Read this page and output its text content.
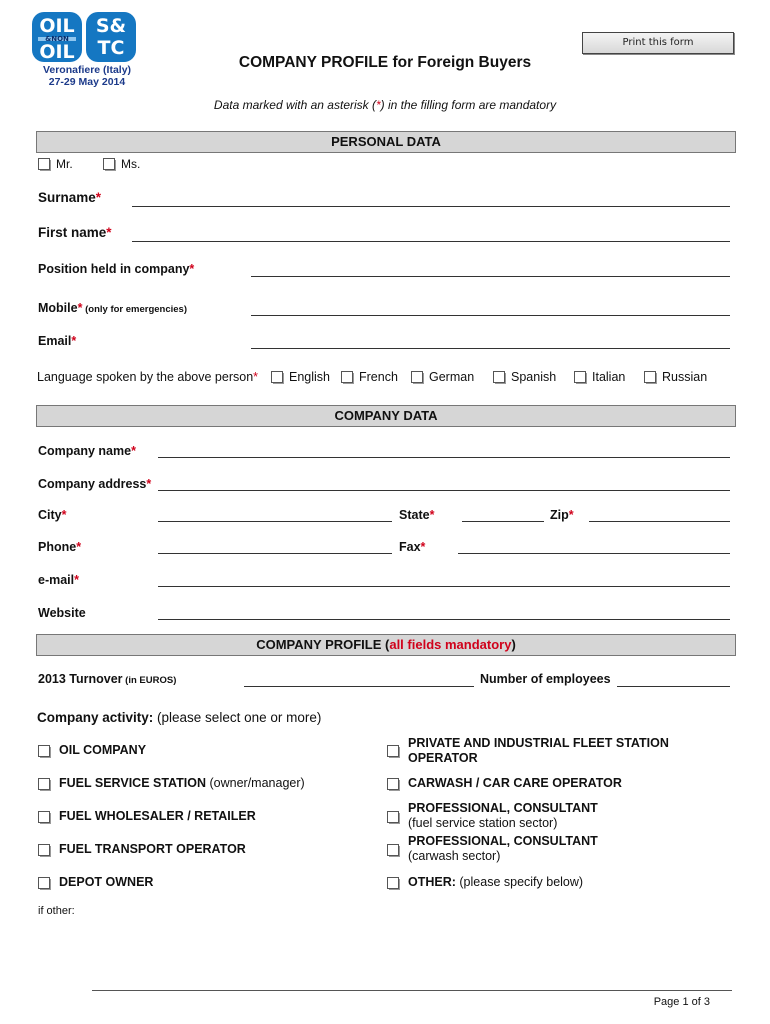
OIL
&NON
OIL
S&
TC
Veronafiere (Italy)
27-29 May 2014
Print this form
COMPANY PROFILE for Foreign Buyers
Data marked with an asterisk (*) in the filling form are mandatory
PERSONAL DATA
Mr.	Ms.
Surname*
First name*
Position held in company*
Mobile* (only for emergencies)
Email*
Language spoken by the above person* English French German	Spanish	Italian	Russian
COMPANY DATA
Company name*
Company address*
City*	State*	Zip*
Phone*	Fax*
e-mail*
Website
COMPANY PROFILE (all fields mandatory)
2013 Turnover (in EUROS)	Number of employees
Company activity: (please select one or more)
OIL COMPANY
FUEL SERVICE STATION (owner/manager)
FUEL WHOLESALER / RETAILER
FUEL TRANSPORT OPERATOR
DEPOT OWNER
PRIVATE AND INDUSTRIAL FLEET STATION
OPERATOR
CARWASH / CAR CARE OPERATOR
PROFESSIONAL, CONSULTANT
(fuel service station sector)
PROFESSIONAL, CONSULTANT
(carwash sector)
OTHER: (please specify below)
if other:
Page 1 of 3
